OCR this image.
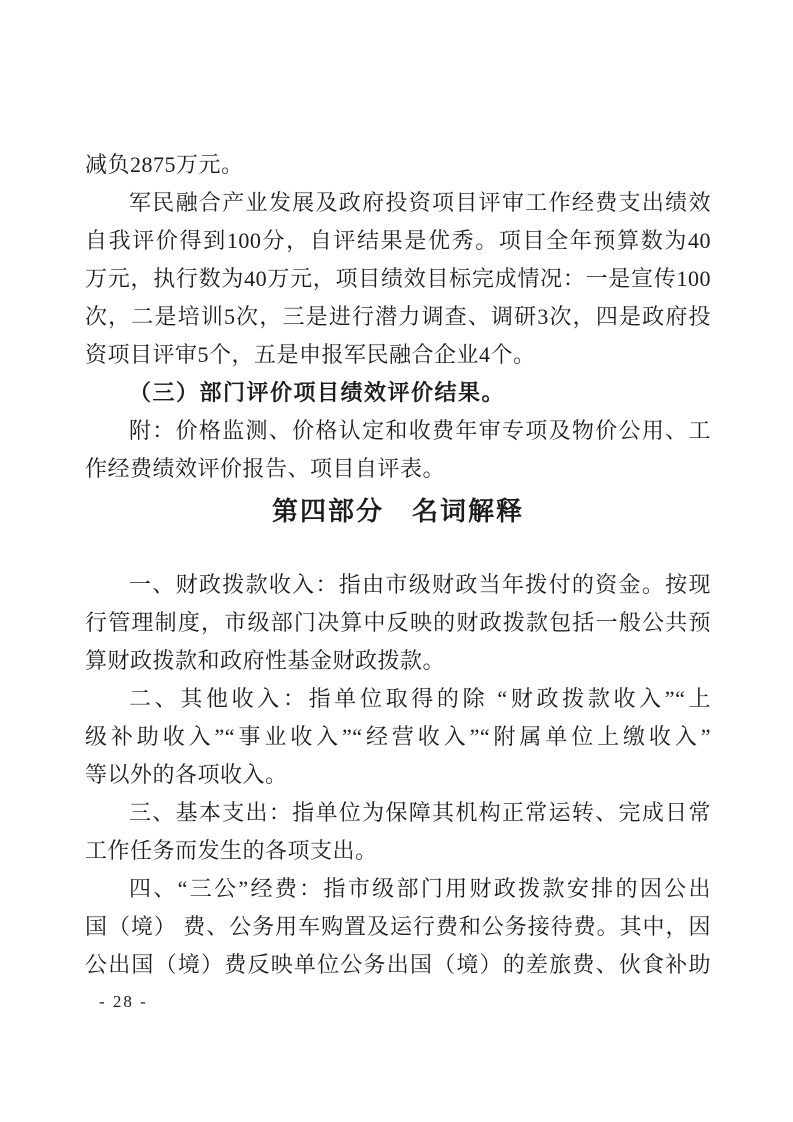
减负2875万元。
军民融合产业发展及政府投资项目评审工作经费支出绩效
自我评价得到100分，自评结果是优秀。项目全年预算数为40
万元，执行数为40万元，项目绩效目标完成情况：一是宣传100
次，二是培训5次，三是进行潜力调查、调研3次，四是政府投
资项目评审5个，五是申报军民融合企业4个。
（三）部门评价项目绩效评价结果。
附：价格监测、价格认定和收费年审专项及物价公用、工
作经费绩效评价报告、项目自评表。
第四部分　名词解释
一、财政拨款收入：指由市级财政当年拨付的资金。按现
行管理制度，市级部门决算中反映的财政拨款包括一般公共预
算财政拨款和政府性基金财政拨款。
二、其他收入：指单位取得的除 “财政拨款收入”“上
级补助收入”“事业收入”“经营收入”“附属单位上缴收入”
等以外的各项收入。
三、基本支出：指单位为保障其机构正常运转、完成日常
工作任务而发生的各项支出。
四、“三公”经费：指市级部门用财政拨款安排的因公出
国（境） 费、公务用车购置及运行费和公务接待费。其中，因
公出国（境）费反映单位公务出国（境）的差旅费、伙食补助
- 28 -
